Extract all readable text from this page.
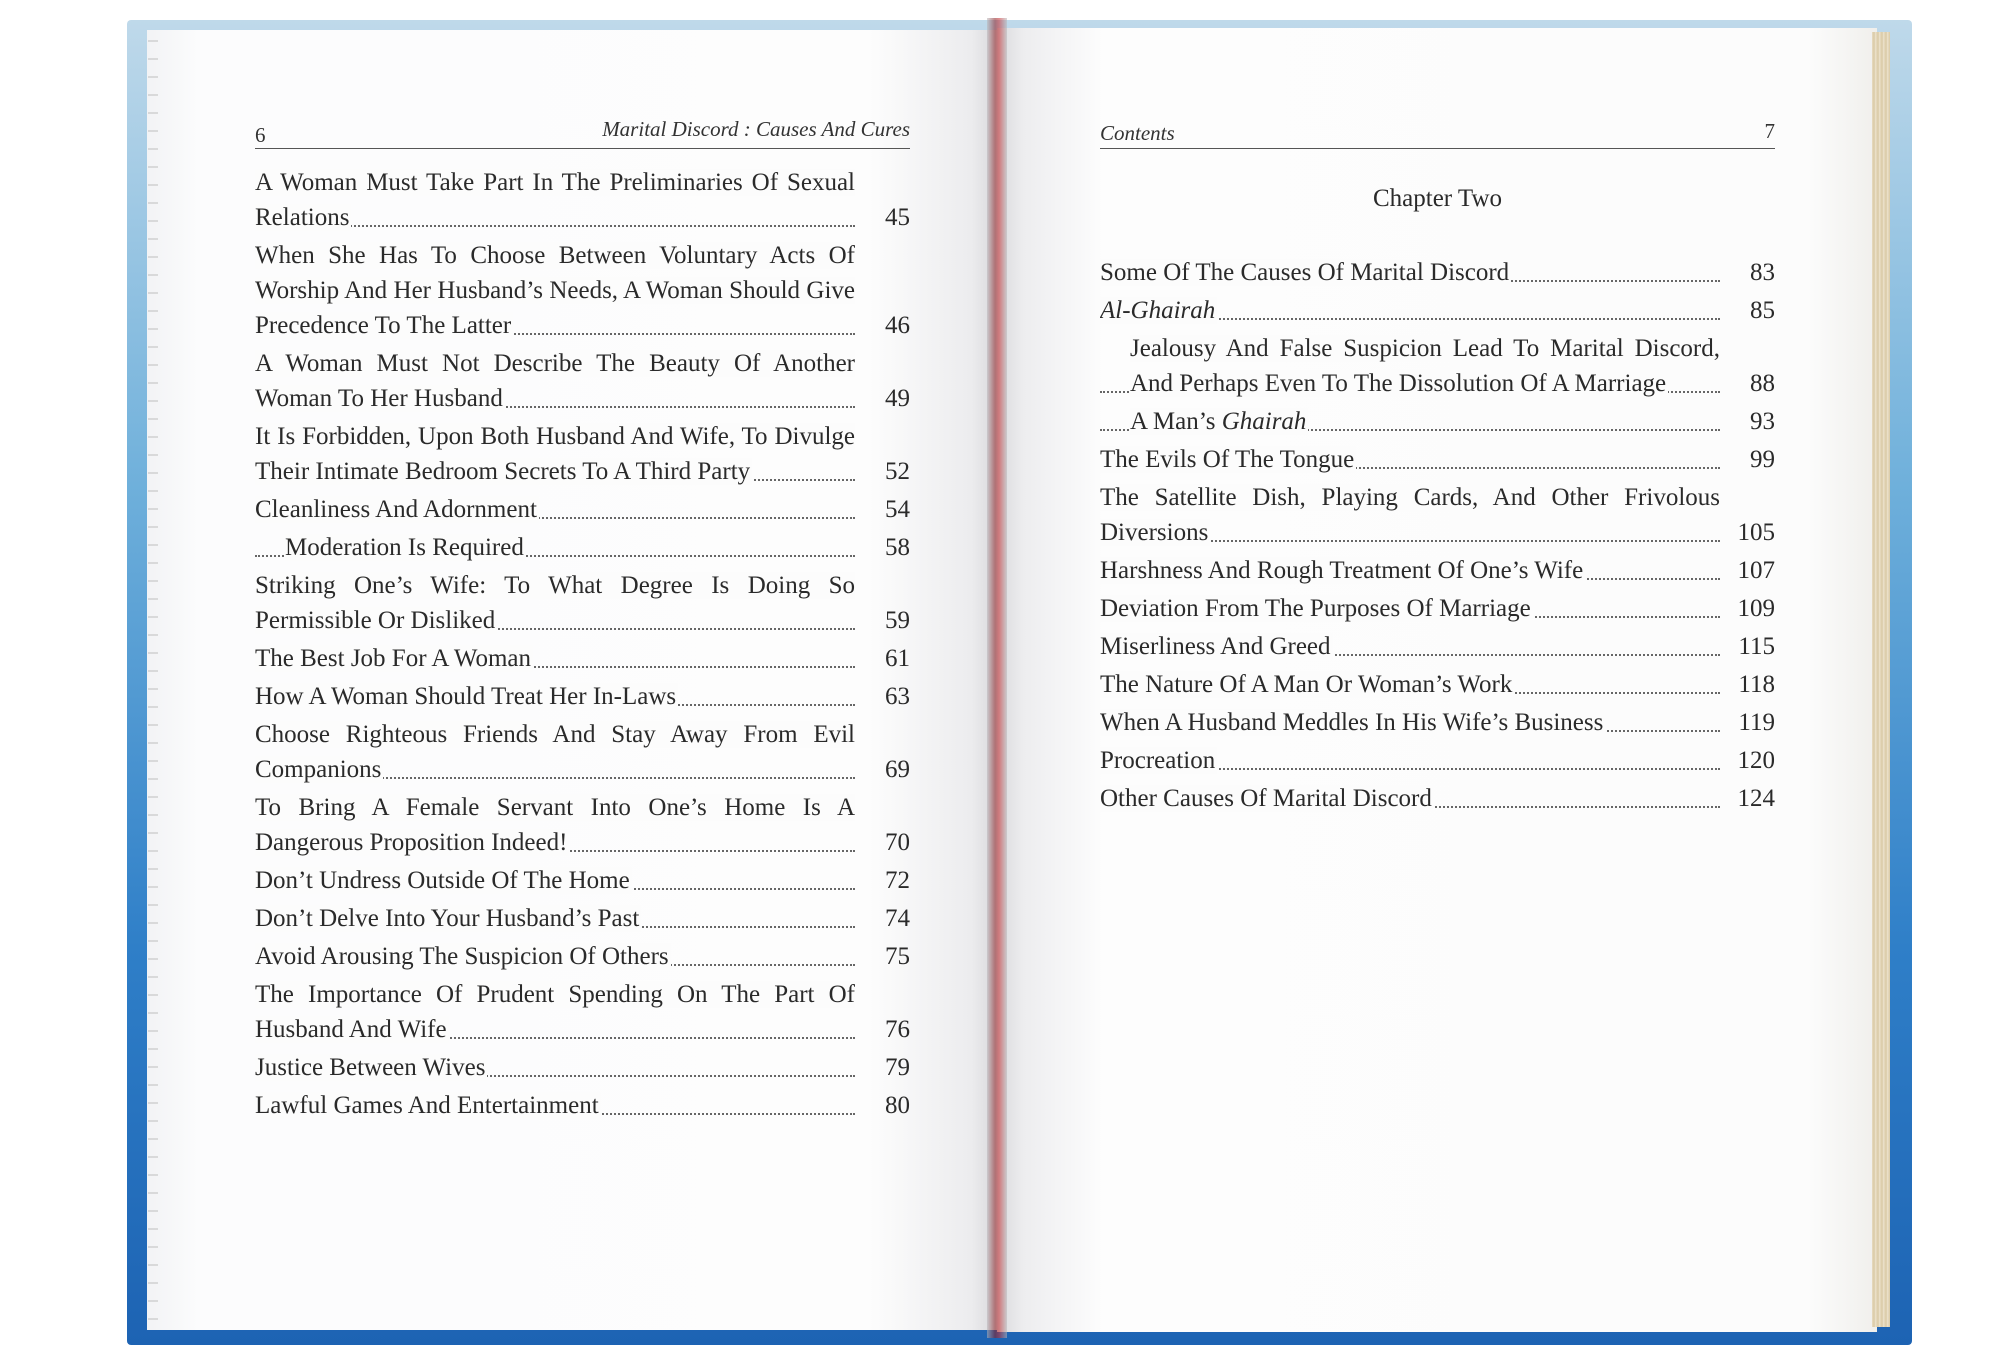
6	Marital Discord : Causes And Cures
	Contents	7

A Woman Must Take Part In The Preliminaries Of Sexual Relations	45
When She Has To Choose Between Voluntary Acts Of Worship And Her Husband’s Needs, A Woman Should Give Precedence To The Latter	46
A Woman Must Not Describe The Beauty Of Another Woman To Her Husband	49
It Is Forbidden, Upon Both Husband And Wife, To Divulge Their Intimate Bedroom Secrets To A Third Party	52
Cleanliness And Adornment	54
Moderation Is Required	58
Striking One’s Wife: To What Degree Is Doing So Permissible Or Disliked	59
The Best Job For A Woman	61
How A Woman Should Treat Her In-Laws	63
Choose Righteous Friends And Stay Away From Evil Companions	69
To Bring A Female Servant Into One’s Home Is A Dangerous Proposition Indeed!	70
Don’t Undress Outside Of The Home	72
Don’t Delve Into Your Husband’s Past	74
Avoid Arousing The Suspicion Of Others	75
The Importance Of Prudent Spending On The Part Of Husband And Wife	76
Justice Between Wives	79
Lawful Games And Entertainment	80
Chapter Two
Some Of The Causes Of Marital Discord	83
Al-Ghairah	85
Jealousy And False Suspicion Lead To Marital Discord, And Perhaps Even To The Dissolution Of A Marriage	88
A Man’s Ghairah	93
The Evils Of The Tongue	99
The Satellite Dish, Playing Cards, And Other Frivolous Diversions	105
Harshness And Rough Treatment Of One’s Wife	107
Deviation From The Purposes Of Marriage	109
Miserliness And Greed	115
The Nature Of A Man Or Woman’s Work	118
When A Husband Meddles In His Wife’s Business	119
Procreation	120
Other Causes Of Marital Discord	124
